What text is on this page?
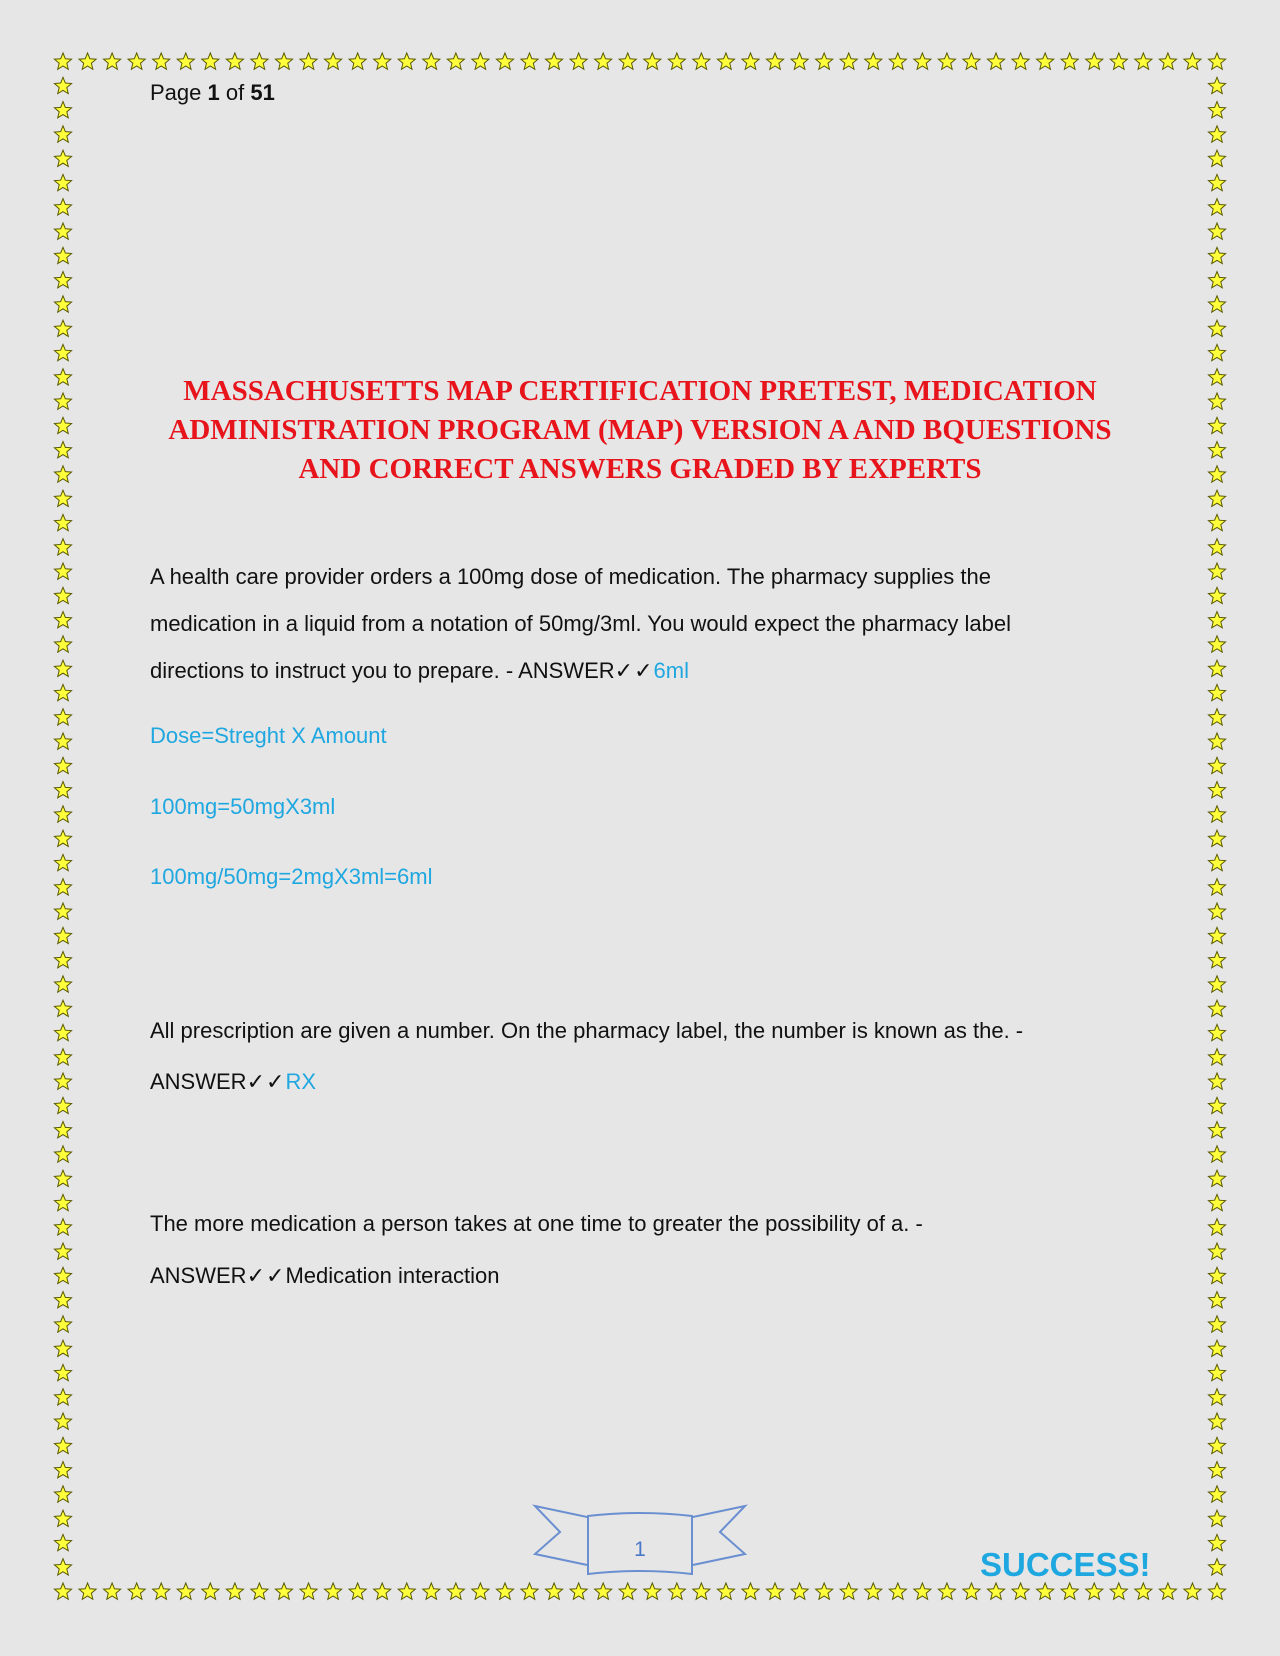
Page 1 of 51
MASSACHUSETTS MAP CERTIFICATION PRETEST, MEDICATION
ADMINISTRATION PROGRAM (MAP) VERSION A AND BQUESTIONS
AND CORRECT ANSWERS GRADED BY EXPERTS
A health care provider orders a 100mg dose of medication. The pharmacy supplies the
medication in a liquid from a notation of 50mg/3ml. You would expect the pharmacy label
directions to instruct you to prepare. - ANSWER✓✓6ml
Dose=Streght X Amount
100mg=50mgX3ml
100mg/50mg=2mgX3ml=6ml
All prescription are given a number. On the pharmacy label, the number is known as the. -
ANSWER✓✓RX
The more medication a person takes at one time to greater the possibility of a. -
ANSWER✓✓Medication interaction
1	SUCCESS!
